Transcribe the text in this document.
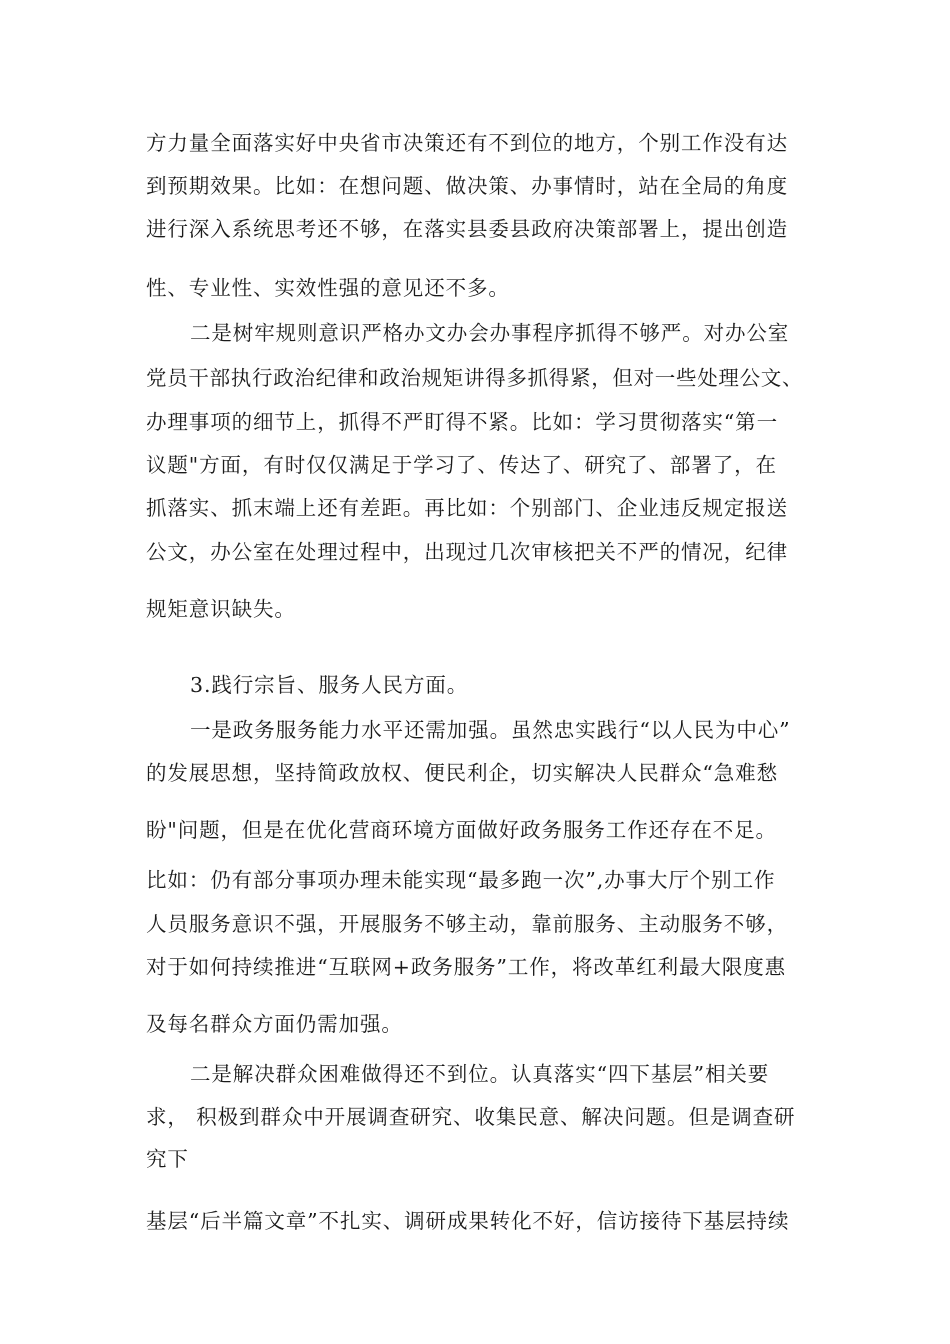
方力量全面落实好中央省市决策还有不到位的地方，个别工作没有达
到预期效果。比如：在想问题、做决策、办事情时，站在全局的角度
进行深入系统思考还不够，在落实县委县政府决策部署上，提出创造
性、专业性、实效性强的意见还不多。
二是树牢规则意识严格办文办会办事程序抓得不够严。对办公室
党员干部执行政治纪律和政治规矩讲得多抓得紧，但对一些处理公文、
办理事项的细节上，抓得不严盯得不紧。比如：学习贯彻落实“第一
议题"方面，有时仅仅满足于学习了、传达了、研究了、部署了，在
抓落实、抓末端上还有差距。再比如：个别部门、企业违反规定报送
公文，办公室在处理过程中，出现过几次审核把关不严的情况，纪律
规矩意识缺失。
3.践行宗旨、服务人民方面。
一是政务服务能力水平还需加强。虽然忠实践行“以人民为中心”
的发展思想，坚持简政放权、便民利企，切实解决人民群众“急难愁
盼"问题，但是在优化营商环境方面做好政务服务工作还存在不足。
比如：仍有部分事项办理未能实现“最多跑一次”,办事大厅个别工作
人员服务意识不强，开展服务不够主动，靠前服务、主动服务不够，
对于如何持续推进“互联网+政务服务”工作，将改革红利最大限度惠
及每名群众方面仍需加强。
二是解决群众困难做得还不到位。认真落实“四下基层”相关要
求， 积极到群众中开展调查研究、收集民意、解决问题。但是调查研
究下
基层“后半篇文章”不扎实、调研成果转化不好，信访接待下基层持续
